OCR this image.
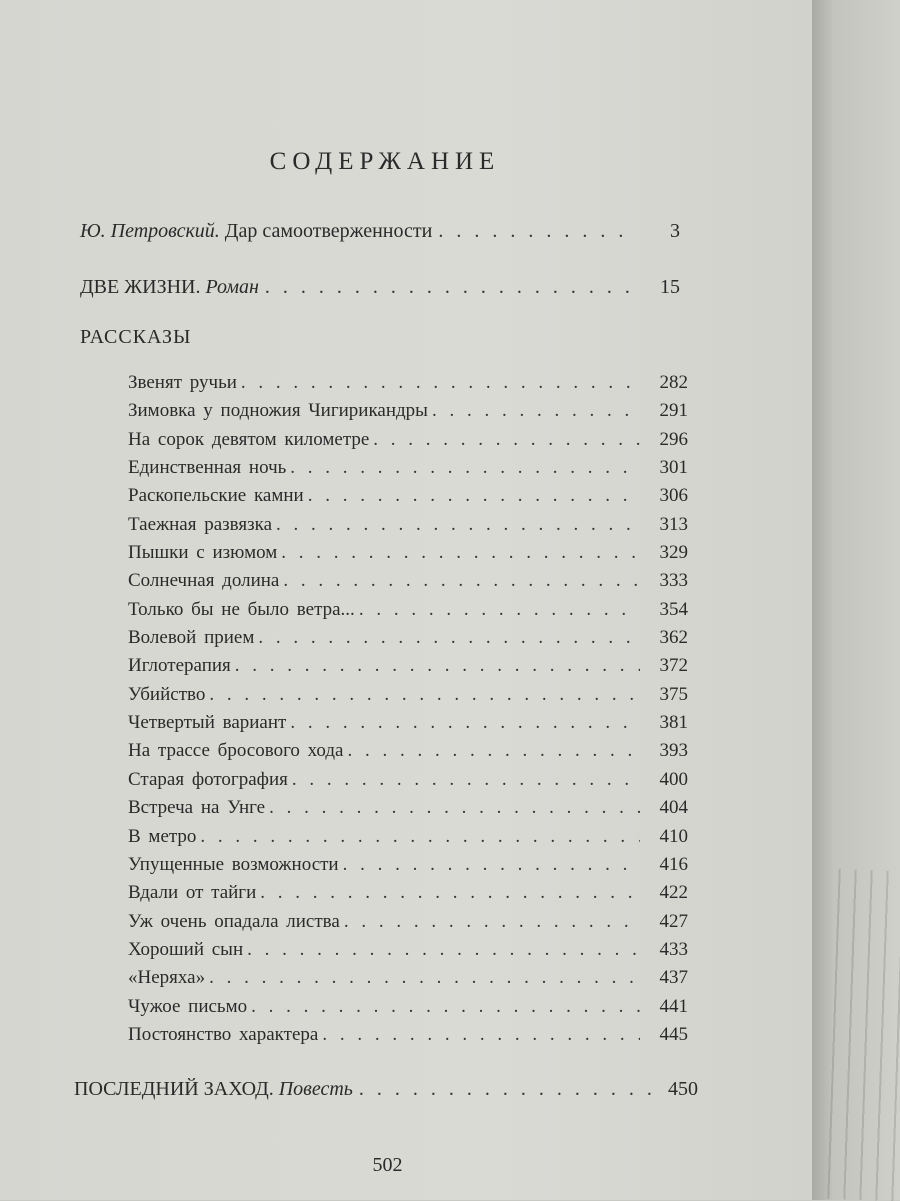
СОДЕРЖАНИЕ
Ю. Петровский. Дар самоотверженности . . .	3
ДВЕ ЖИЗНИ. Роман . . .	15
РАССКАЗЫ
Звенят ручьи . . .	282
Зимовка у подножия Чигирикандры . . .	291
На сорок девятом километре . . .	296
Единственная ночь . . .	301
Раскопельские камни . . .	306
Таежная развязка . . .	313
Пышки с изюмом . . .	329
Солнечная долина . . .	333
Только бы не было ветра... . . .	354
Волевой прием . . .	362
Иглотерапия . . .	372
Убийство . . .	375
Четвертый вариант . . .	381
На трассе бросового хода . . .	393
Старая фотография . . .	400
Встреча на Унге . . .	404
В метро . . .	410
Упущенные возможности . . .	416
Вдали от тайги . . .	422
Уж очень опадала листва . . .	427
Хороший сын . . .	433
«Неряха» . . .	437
Чужое письмо . . .	441
Постоянство характера . . .	445
ПОСЛЕДНИЙ ЗАХОД. Повесть . . .	450
502
